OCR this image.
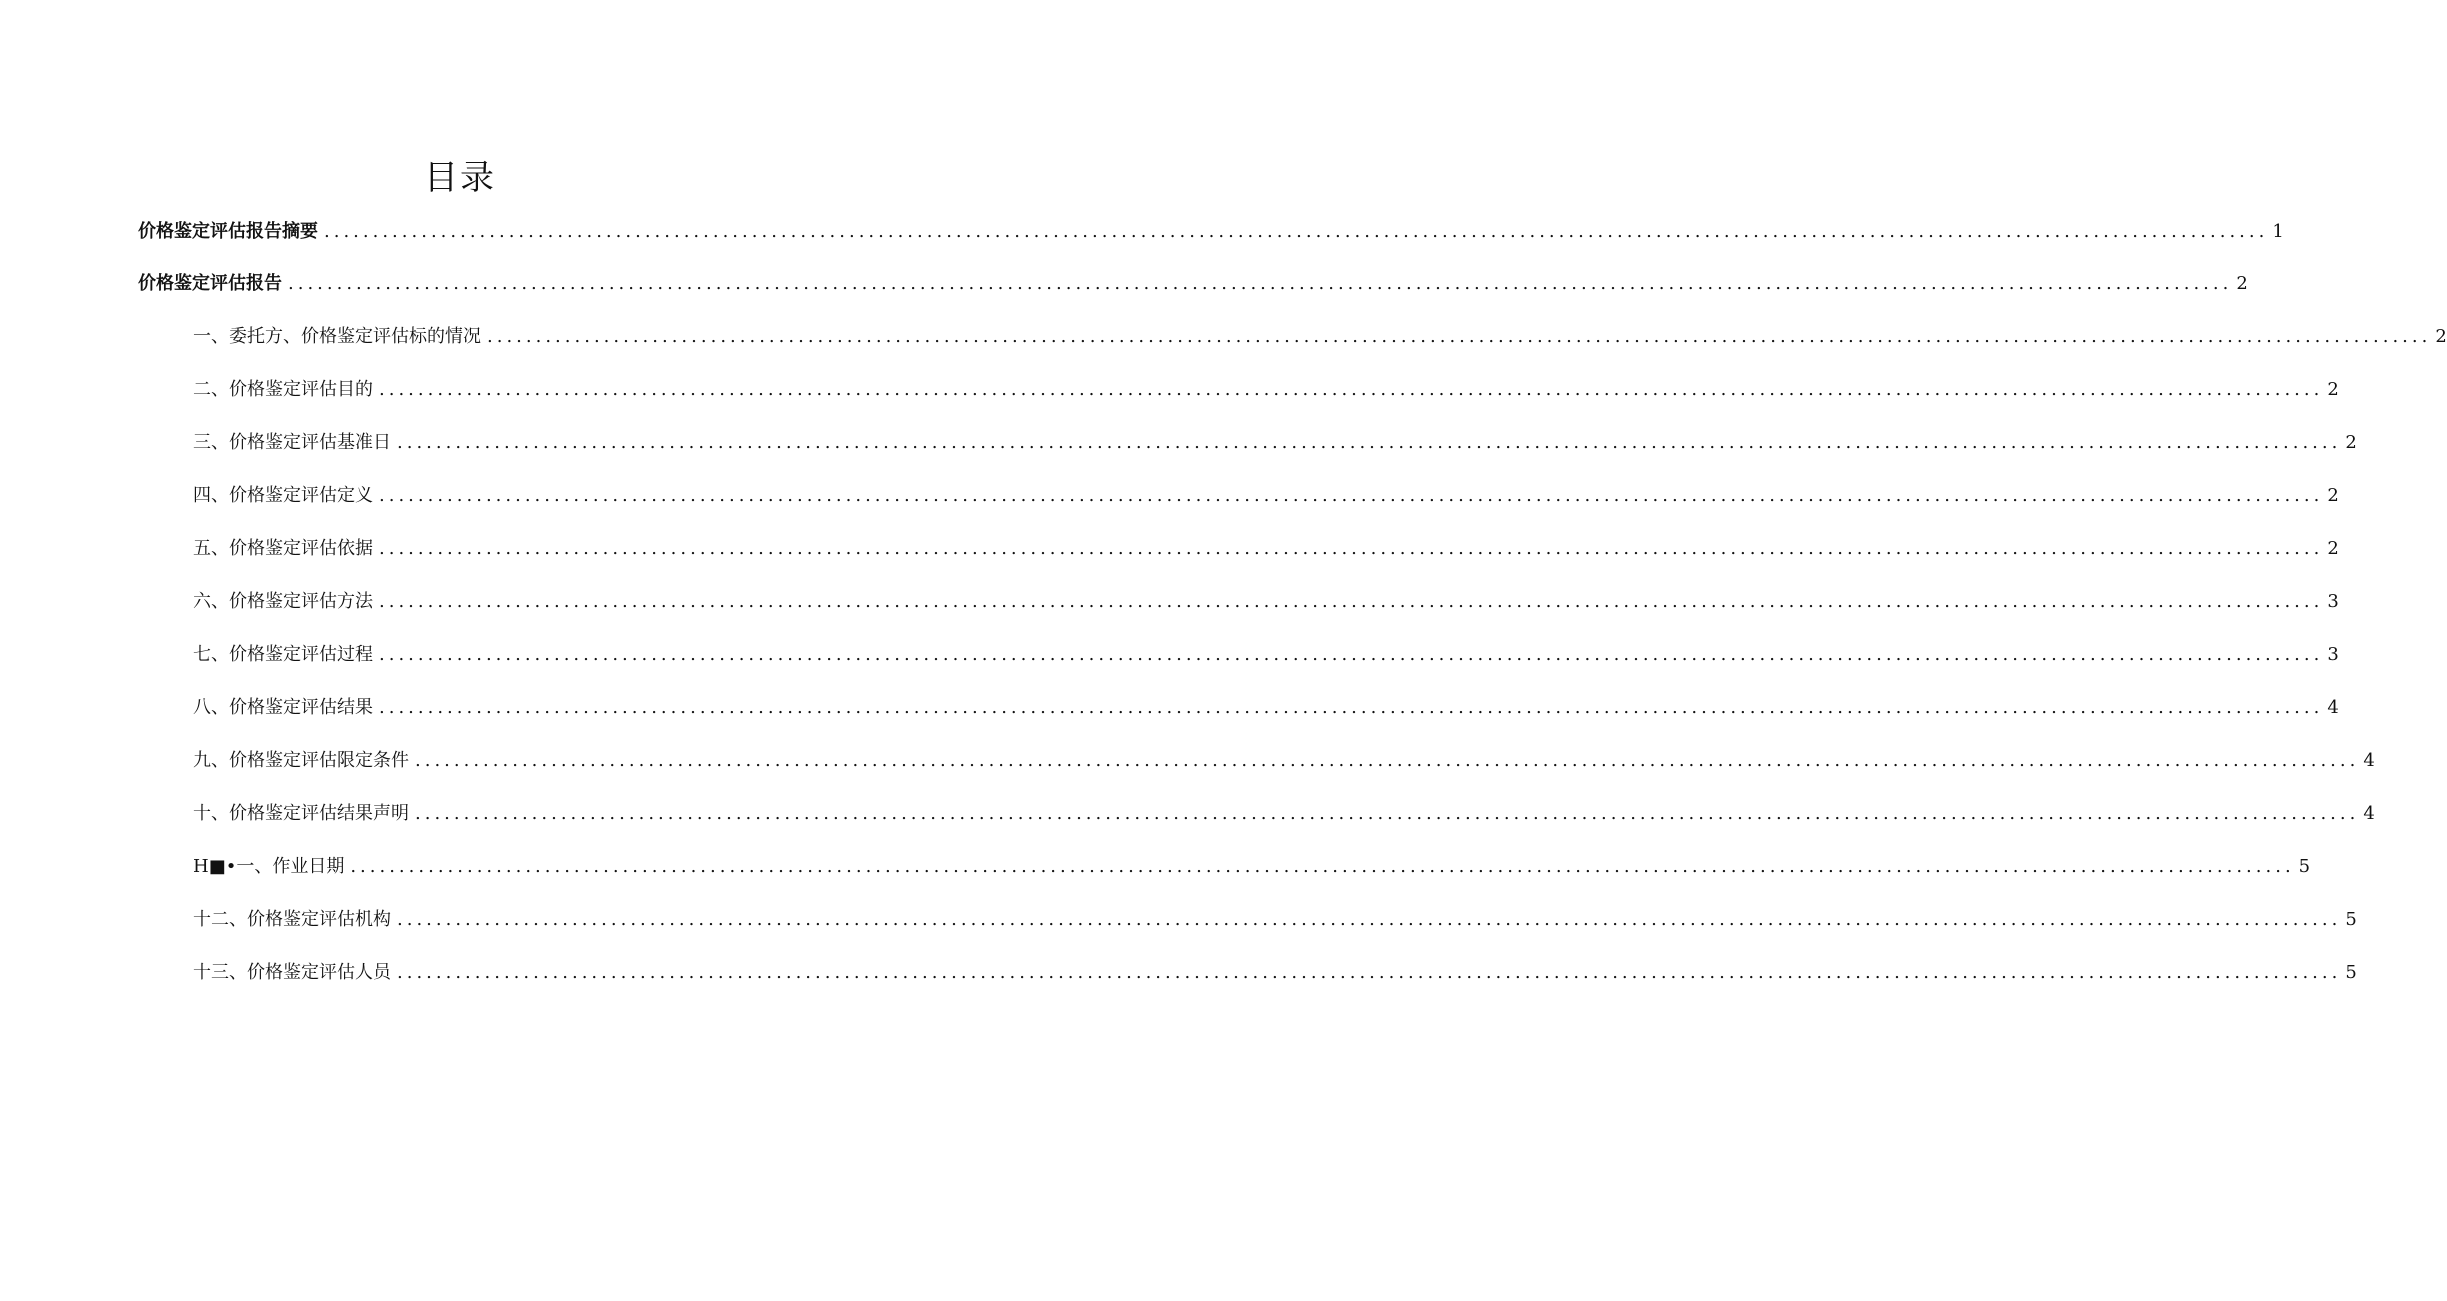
目录
价格鉴定评估报告摘要 ........................................................................................................................................................................................................ 1
价格鉴定评估报告 ........................................................................................................................................................................................................ 2
一、委托方、价格鉴定评估标的情况 ........................................................................................................................................................................................................ 2
二、价格鉴定评估目的 ........................................................................................................................................................................................................ 2
三、价格鉴定评估基准日 ........................................................................................................................................................................................................ 2
四、价格鉴定评估定义 ........................................................................................................................................................................................................ 2
五、价格鉴定评估依据 ........................................................................................................................................................................................................ 2
六、价格鉴定评估方法 ........................................................................................................................................................................................................ 3
七、价格鉴定评估过程 ........................................................................................................................................................................................................ 3
八、价格鉴定评估结果 ........................................................................................................................................................................................................ 4
九、价格鉴定评估限定条件 ........................................................................................................................................................................................................ 4
十、价格鉴定评估结果声明 ........................................................................................................................................................................................................ 4
H■•一、作业日期 ........................................................................................................................................................................................................ 5
十二、价格鉴定评估机构 ........................................................................................................................................................................................................ 5
十三、价格鉴定评估人员 ........................................................................................................................................................................................................ 5
